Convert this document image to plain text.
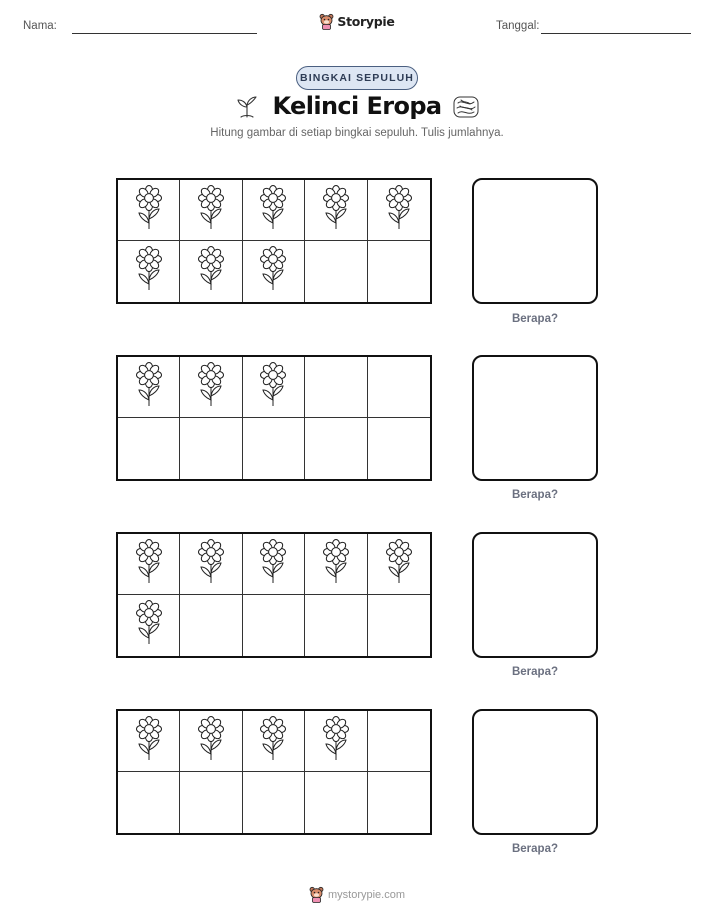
Nama:	Storypie	Tanggal:
BINGKAI SEPULUH
Kelinci Eropa
Hitung gambar di setiap bingkai sepuluh. Tulis jumlahnya.
Berapa?
Berapa?
Berapa?
Berapa?
mystorypie.com
